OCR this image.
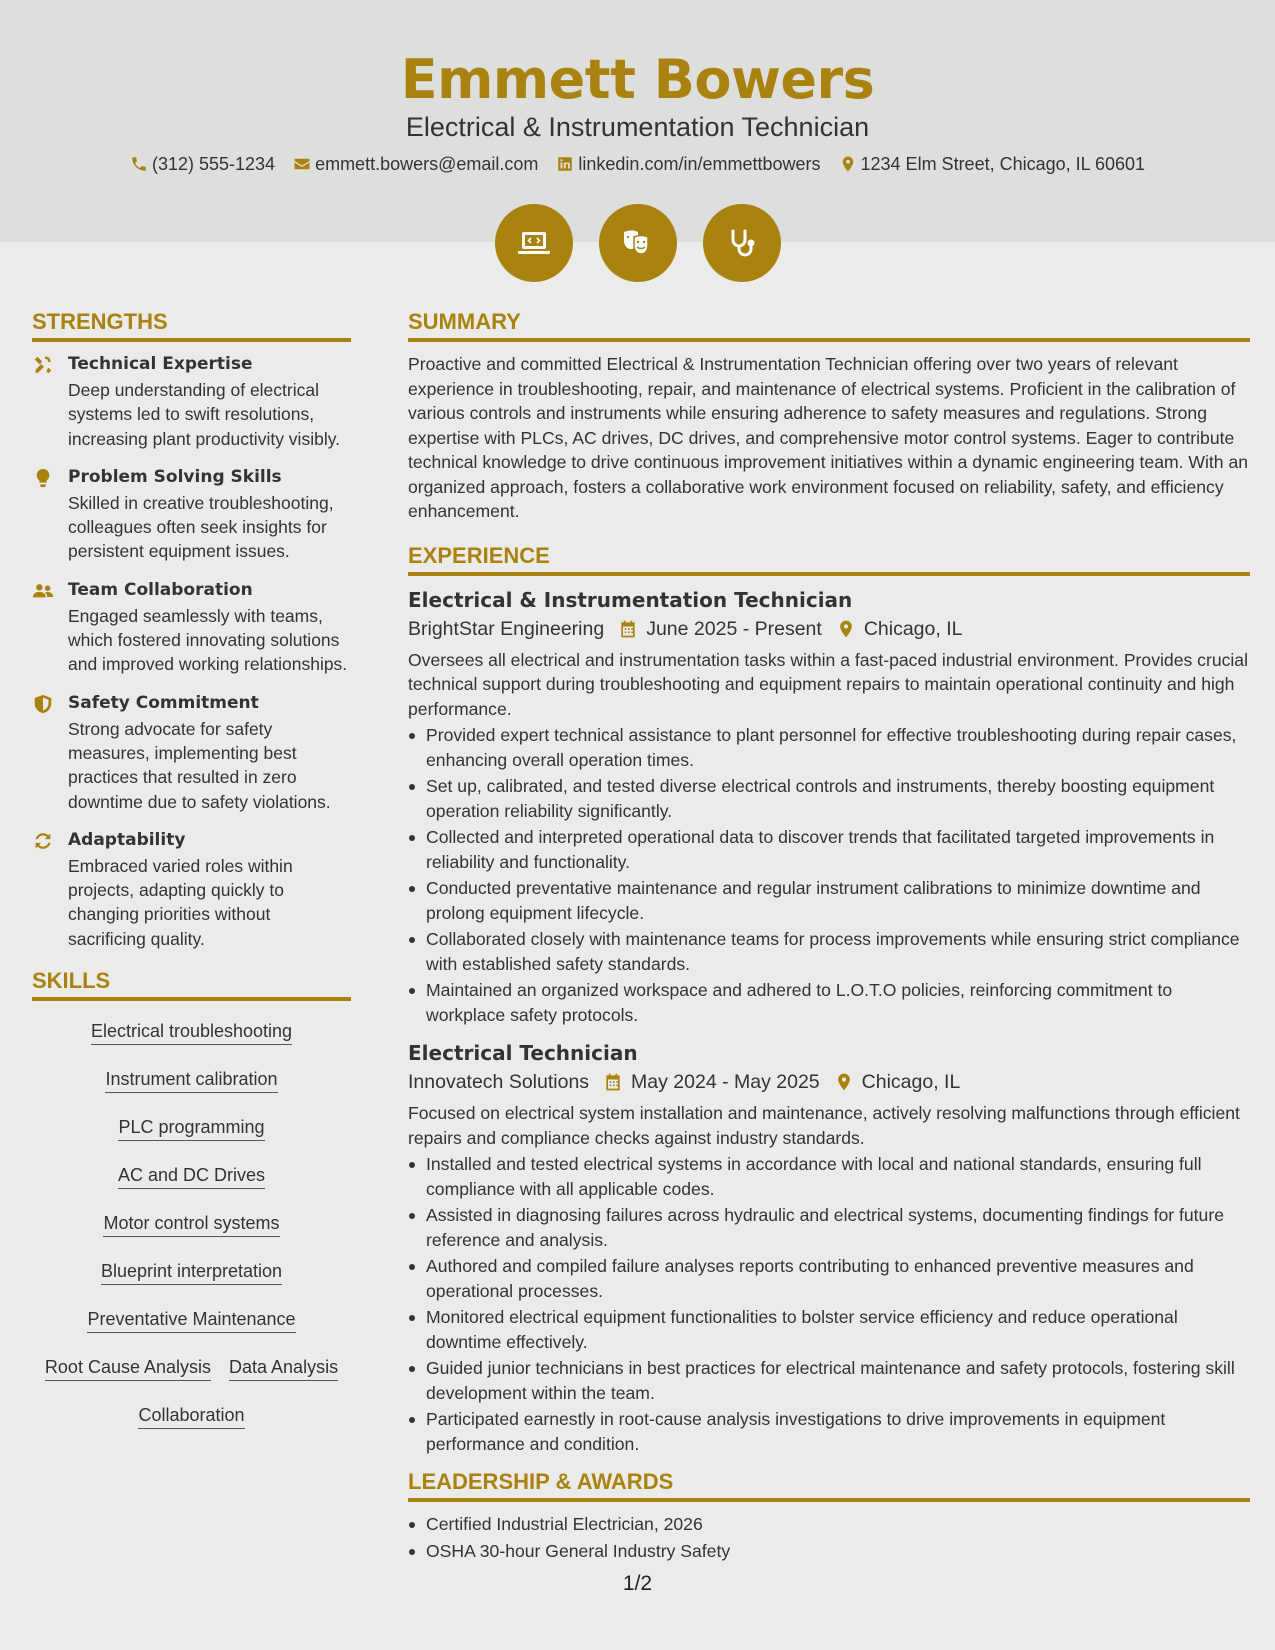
Emmett Bowers
Electrical & Instrumentation Technician
(312) 555-1234 emmett.bowers@email.com linkedin.com/in/emmettbowers 1234 Elm Street, Chicago, IL 60601
STRENGTHS
Technical Expertise
Deep understanding of electrical systems led to swift resolutions, increasing plant productivity visibly.
Problem Solving Skills
Skilled in creative troubleshooting, colleagues often seek insights for persistent equipment issues.
Team Collaboration
Engaged seamlessly with teams, which fostered innovating solutions and improved working relationships.
Safety Commitment
Strong advocate for safety measures, implementing best practices that resulted in zero downtime due to safety violations.
Adaptability
Embraced varied roles within projects, adapting quickly to changing priorities without sacrificing quality.
SKILLS
Electrical troubleshooting
Instrument calibration
PLC programming
AC and DC Drives
Motor control systems
Blueprint interpretation
Preventative Maintenance
Root Cause Analysis Data Analysis
Collaboration
SUMMARY
Proactive and committed Electrical & Instrumentation Technician offering over two years of relevant experience in troubleshooting, repair, and maintenance of electrical systems. Proficient in the calibration of various controls and instruments while ensuring adherence to safety measures and regulations. Strong expertise with PLCs, AC drives, DC drives, and comprehensive motor control systems. Eager to contribute technical knowledge to drive continuous improvement initiatives within a dynamic engineering team. With an organized approach, fosters a collaborative work environment focused on reliability, safety, and efficiency enhancement.
EXPERIENCE
Electrical & Instrumentation Technician
BrightStar Engineering June 2025 - Present Chicago, IL
Oversees all electrical and instrumentation tasks within a fast-paced industrial environment. Provides crucial technical support during troubleshooting and equipment repairs to maintain operational continuity and high performance.
Provided expert technical assistance to plant personnel for effective troubleshooting during repair cases, enhancing overall operation times.
Set up, calibrated, and tested diverse electrical controls and instruments, thereby boosting equipment operation reliability significantly.
Collected and interpreted operational data to discover trends that facilitated targeted improvements in reliability and functionality.
Conducted preventative maintenance and regular instrument calibrations to minimize downtime and prolong equipment lifecycle.
Collaborated closely with maintenance teams for process improvements while ensuring strict compliance with established safety standards.
Maintained an organized workspace and adhered to L.O.T.O policies, reinforcing commitment to workplace safety protocols.
Electrical Technician
Innovatech Solutions May 2024 - May 2025 Chicago, IL
Focused on electrical system installation and maintenance, actively resolving malfunctions through efficient repairs and compliance checks against industry standards.
Installed and tested electrical systems in accordance with local and national standards, ensuring full compliance with all applicable codes.
Assisted in diagnosing failures across hydraulic and electrical systems, documenting findings for future reference and analysis.
Authored and compiled failure analyses reports contributing to enhanced preventive measures and operational processes.
Monitored electrical equipment functionalities to bolster service efficiency and reduce operational downtime effectively.
Guided junior technicians in best practices for electrical maintenance and safety protocols, fostering skill development within the team.
Participated earnestly in root-cause analysis investigations to drive improvements in equipment performance and condition.
LEADERSHIP & AWARDS
Certified Industrial Electrician, 2026
OSHA 30-hour General Industry Safety
1/2
